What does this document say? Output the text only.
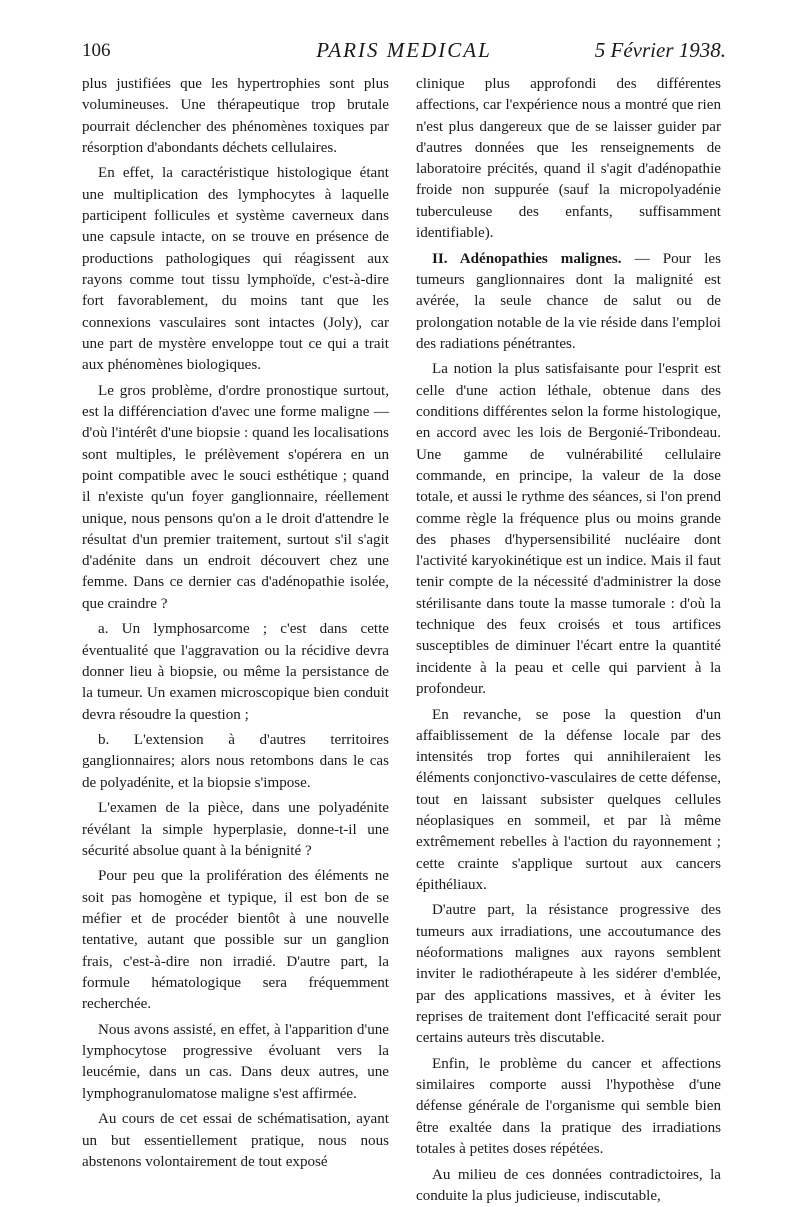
106	PARIS MEDICAL	5 Février 1938.

plus justifiées que les hypertrophies sont plus volumineuses. Une thérapeutique trop brutale pourrait déclencher des phénomènes toxiques par résorption d'abondants déchets cellulaires.

En effet, la caractéristique histologique étant une multiplication des lymphocytes à laquelle participent follicules et système caverneux dans une capsule intacte, on se trouve en présence de productions pathologiques qui réagissent aux rayons comme tout tissu lymphoïde, c'est-à-dire fort favorablement, du moins tant que les connexions vasculaires sont intactes (Joly), car une part de mystère enveloppe tout ce qui a trait aux phénomènes biologiques.

Le gros problème, d'ordre pronostique surtout, est la différenciation d'avec une forme maligne — d'où l'intérêt d'une biopsie : quand les localisations sont multiples, le prélèvement s'opérera en un point compatible avec le souci esthétique ; quand il n'existe qu'un foyer ganglionnaire, réellement unique, nous pensons qu'on a le droit d'attendre le résultat d'un premier traitement, surtout s'il s'agit d'adénite dans un endroit découvert chez une femme. Dans ce dernier cas d'adénopathie isolée, que craindre ?

a. Un lymphosarcome ; c'est dans cette éventualité que l'aggravation ou la récidive devra donner lieu à biopsie, ou même la persistance de la tumeur. Un examen microscopique bien conduit devra résoudre la question ;

b. L'extension à d'autres territoires ganglionnaires; alors nous retombons dans le cas de polyadénite, et la biopsie s'impose.

L'examen de la pièce, dans une polyadénite révélant la simple hyperplasie, donne-t-il une sécurité absolue quant à la bénignité ?

Pour peu que la prolifération des éléments ne soit pas homogène et typique, il est bon de se méfier et de procéder bientôt à une nouvelle tentative, autant que possible sur un ganglion frais, c'est-à-dire non irradié. D'autre part, la formule hématologique sera fréquemment recherchée.

Nous avons assisté, en effet, à l'apparition d'une lymphocytose progressive évoluant vers la leucémie, dans un cas. Dans deux autres, une lymphogranulomatose maligne s'est affirmée.

Au cours de cet essai de schématisation, ayant un but essentiellement pratique, nous nous abstenons volontairement de tout exposé

clinique plus approfondi des différentes affections, car l'expérience nous a montré que rien n'est plus dangereux que de se laisser guider par d'autres données que les renseignements de laboratoire précités, quand il s'agit d'adénopathie froide non suppurée (sauf la micropolyadénie tuberculeuse des enfants, suffisamment identifiable).

II. Adénopathies malignes. — Pour les tumeurs ganglionnaires dont la malignité est avérée, la seule chance de salut ou de prolongation notable de la vie réside dans l'emploi des radiations pénétrantes.

La notion la plus satisfaisante pour l'esprit est celle d'une action léthale, obtenue dans des conditions différentes selon la forme histologique, en accord avec les lois de Bergonié-Tribondeau. Une gamme de vulnérabilité cellulaire commande, en principe, la valeur de la dose totale, et aussi le rythme des séances, si l'on prend comme règle la fréquence plus ou moins grande des phases d'hypersensibilité nucléaire dont l'activité karyokinétique est un indice. Mais il faut tenir compte de la nécessité d'administrer la dose stérilisante dans toute la masse tumorale : d'où la technique des feux croisés et tous artifices susceptibles de diminuer l'écart entre la quantité incidente à la peau et celle qui parvient à la profondeur.

En revanche, se pose la question d'un affaiblissement de la défense locale par des intensités trop fortes qui annihileraient les éléments conjonctivo-vasculaires de cette défense, tout en laissant subsister quelques cellules néoplasiques en sommeil, et par là même extrêmement rebelles à l'action du rayonnement ; cette crainte s'applique surtout aux cancers épithéliaux.

D'autre part, la résistance progressive des tumeurs aux irradiations, une accoutumance des néoformations malignes aux rayons semblent inviter le radiothérapeute à les sidérer d'emblée, par des applications massives, et à éviter les reprises de traitement dont l'efficacité serait pour certains auteurs très discutable.

Enfin, le problème du cancer et affections similaires comporte aussi l'hypothèse d'une défense générale de l'organisme qui semble bien être exaltée dans la pratique des irradiations totales à petites doses répétées.

Au milieu de ces données contradictoires, la conduite la plus judicieuse, indiscutable,
